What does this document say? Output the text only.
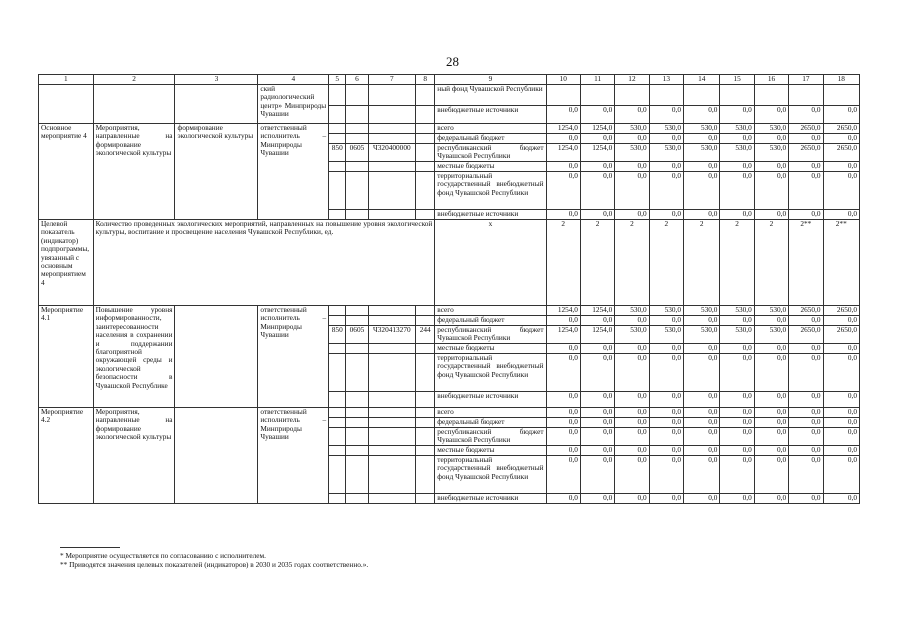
28
1	2	3	4	5	6	7	8	9	10	11	12	13	14	15	16	17	18
			ский радиологический центр» Минприроды Чувашии					ный фонд Чувашской Республики									
								внебюджетные источники	0,0	0,0	0,0	0,0	0,0	0,0	0,0	0,0	0,0
Основное мероприятие 4	Мероприятия, направленные на формирование экологической культуры	формирование экологической культуры	ответственный исполнитель – Минприроды Чувашии					всего	1254,0	1254,0	530,0	530,0	530,0	530,0	530,0	2650,0	2650,0
								федеральный бюджет	0,0	0,0	0,0	0,0	0,0	0,0	0,0	0,0	0,0
				850	0605	Ч320400000		республиканский бюджет Чувашской Республики	1254,0	1254,0	530,0	530,0	530,0	530,0	530,0	2650,0	2650,0
								местные бюджеты	0,0	0,0	0,0	0,0	0,0	0,0	0,0	0,0	0,0
								территориальный государственный внебюджетный фонд Чувашской Республики	0,0	0,0	0,0	0,0	0,0	0,0	0,0	0,0	0,0
								внебюджетные источники	0,0	0,0	0,0	0,0	0,0	0,0	0,0	0,0	0,0
Целевой показатель (индикатор) подпрограммы, увязанный с основным мероприятием 4	Количество проведенных экологических мероприятий, направленных на повышение уровня экологической культуры, воспитание и просвещение населения Чувашской Республики, ед.							х	2	2	2	2	2	2	2	2**	2**
Мероприятие 4.1	Повышение уровня информированности, заинтересованности населения в сохранении и поддержании благоприятной окружающей среды и экологической безопасности в Чувашской Республике		ответственный исполнитель – Минприроды Чувашии					всего	1254,0	1254,0	530,0	530,0	530,0	530,0	530,0	2650,0	2650,0
								федеральный бюджет	0,0	0,0	0,0	0,0	0,0	0,0	0,0	0,0	0,0
				850	0605	Ч320413270	244	республиканский бюджет Чувашской Республики	1254,0	1254,0	530,0	530,0	530,0	530,0	530,0	2650,0	2650,0
								местные бюджеты	0,0	0,0	0,0	0,0	0,0	0,0	0,0	0,0	0,0
								территориальный государственный внебюджетный фонд Чувашской Республики	0,0	0,0	0,0	0,0	0,0	0,0	0,0	0,0	0,0
								внебюджетные источники	0,0	0,0	0,0	0,0	0,0	0,0	0,0	0,0	0,0
Мероприятие 4.2	Мероприятия, направленные на формирование экологической культуры		ответственный исполнитель – Минприроды Чувашии					всего	0,0	0,0	0,0	0,0	0,0	0,0	0,0	0,0	0,0
								федеральный бюджет	0,0	0,0	0,0	0,0	0,0	0,0	0,0	0,0	0,0
								республиканский бюджет Чувашской Республики	0,0	0,0	0,0	0,0	0,0	0,0	0,0	0,0	0,0
								местные бюджеты	0,0	0,0	0,0	0,0	0,0	0,0	0,0	0,0	0,0
								территориальный государственный внебюджетный фонд Чувашской Республики	0,0	0,0	0,0	0,0	0,0	0,0	0,0	0,0	0,0
								внебюджетные источники	0,0	0,0	0,0	0,0	0,0	0,0	0,0	0,0	0,0
* Мероприятие осуществляется по согласованию с исполнителем.
** Приводятся значения целевых показателей (индикаторов) в 2030 и 2035 годах соответственно.».
